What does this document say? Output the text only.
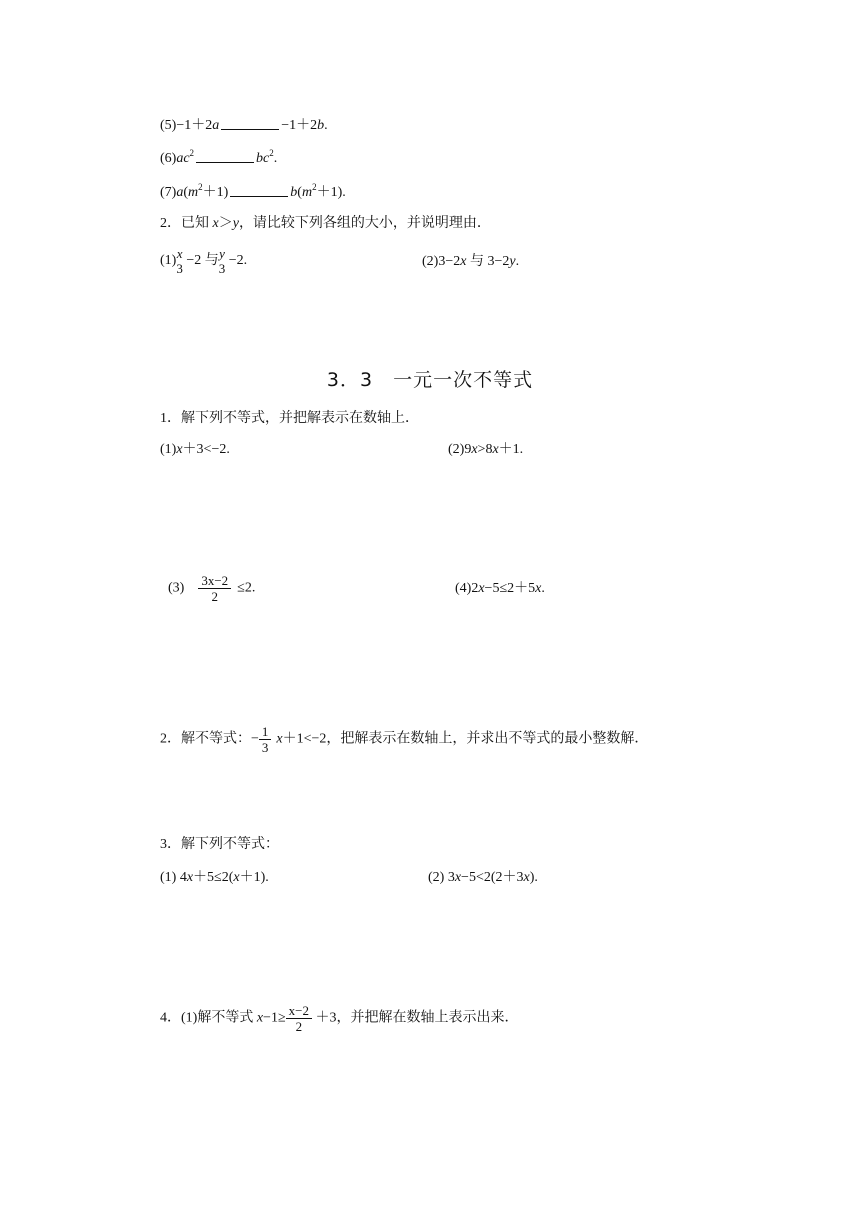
(5)−1＋2a	−1＋2b.
$(6)ac^2$	$bc^2$.
$(7)a(m^2+1)$	$b(m^2+1)$.
2．已知 x＞y，请比较下列各组的大小，并说明理由．
(1) x
3
−2 与 y
3
−2.	(2)3−2x 与 3−2y.
3．3　一元一次不等式
1．解下列不等式，并把解表示在数轴上．
(1)x＋3<−2.	(2)9x>8x＋1.
$(3) \frac{3x-2}{2} \le 2$.	(4)2x−5≤2＋5x.
2．解不等式：− $\frac{1}{3} x+1<-2$，把解表示在数轴上，并求出不等式的最小整数解．
3．解下列不等式：
(1) 4x＋5≤2(x＋1).	(2) 3x−5<2(2＋3x).
4．(1)解不等式 $x-1\ge \frac{x-2}{2} +3$，并把解在数轴上表示出来．
